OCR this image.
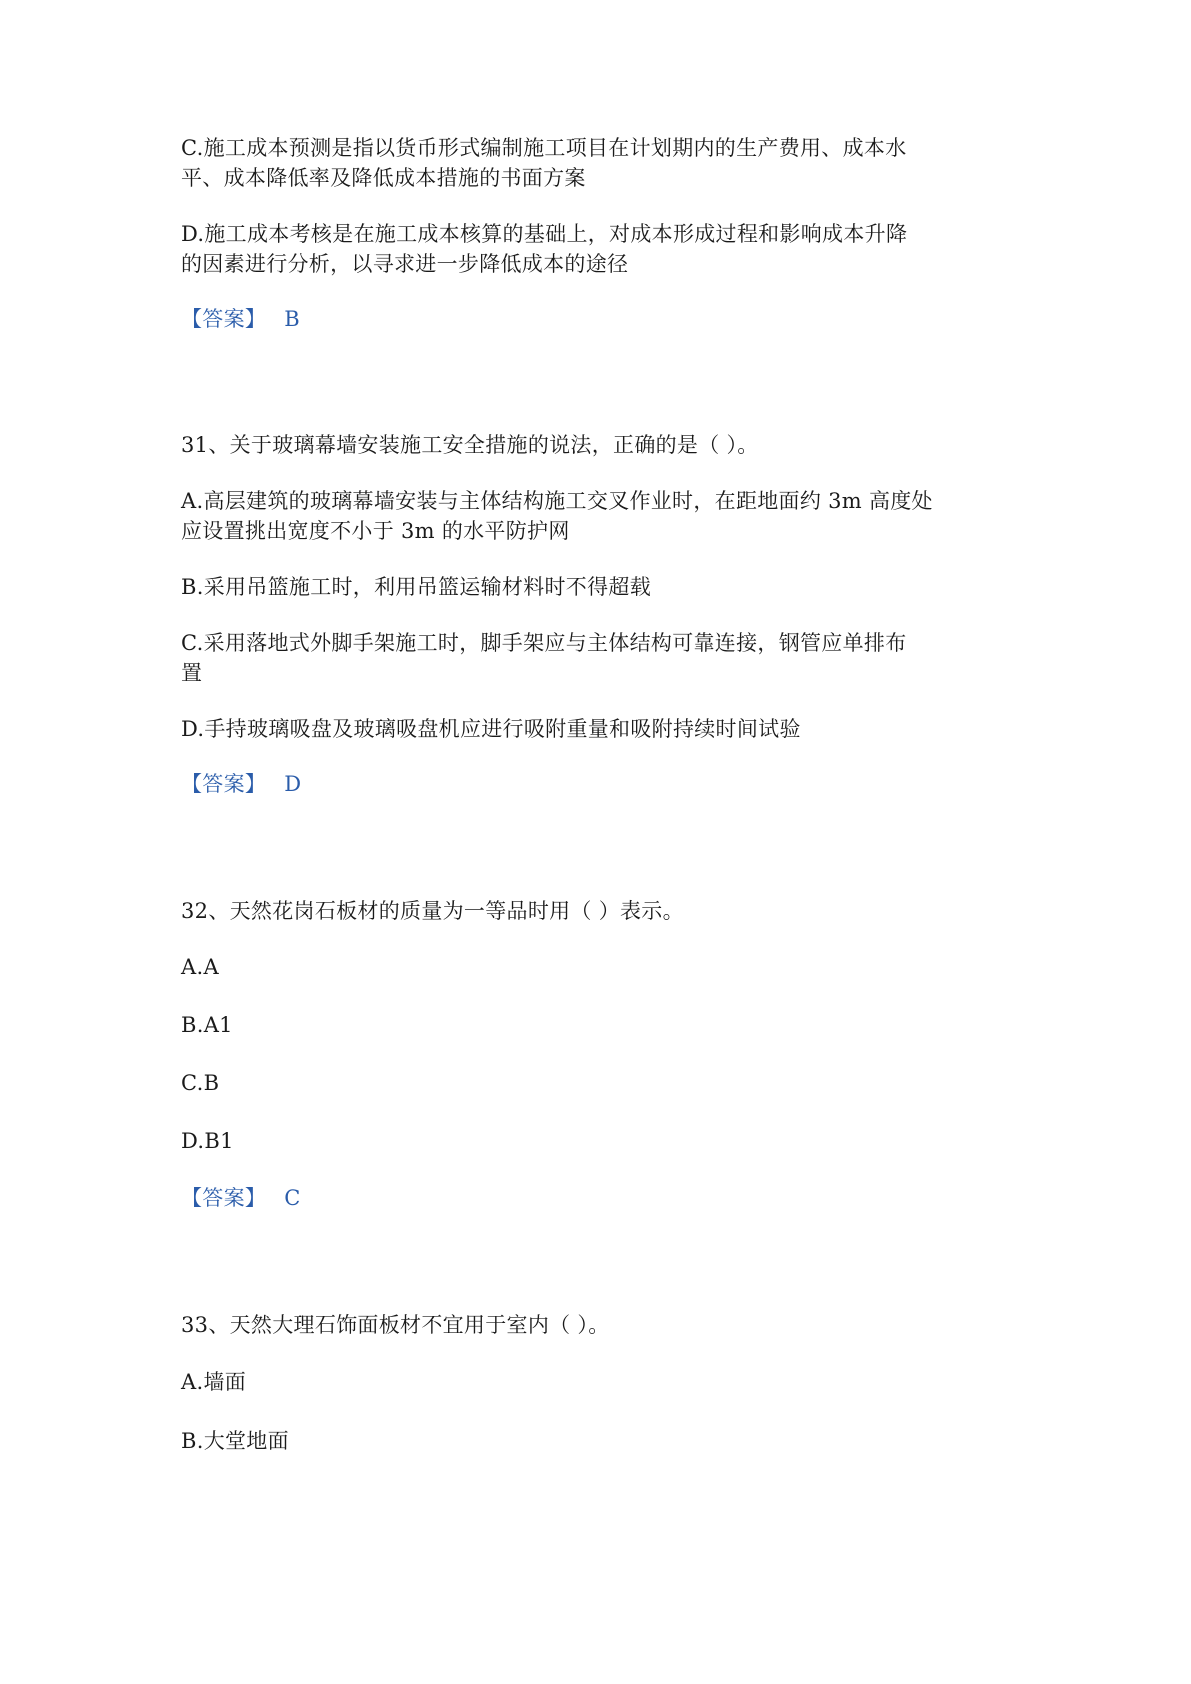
C.施工成本预测是指以货币形式编制施工项目在计划期内的生产费用、成本水
平、成本降低率及降低成本措施的书面方案
D.施工成本考核是在施工成本核算的基础上，对成本形成过程和影响成本升降
的因素进行分析，以寻求进一步降低成本的途径
【答案】 B
31、关于玻璃幕墙安装施工安全措施的说法，正确的是（ ）。
A.高层建筑的玻璃幕墙安装与主体结构施工交叉作业时，在距地面约 3m 高度处
应设置挑出宽度不小于 3m 的水平防护网
B.采用吊篮施工时，利用吊篮运输材料时不得超载
C.采用落地式外脚手架施工时，脚手架应与主体结构可靠连接，钢管应单排布
置
D.手持玻璃吸盘及玻璃吸盘机应进行吸附重量和吸附持续时间试验
【答案】 D
32、天然花岗石板材的质量为一等品时用（ ）表示。
A.A
B.A1
C.B
D.B1
【答案】 C
33、天然大理石饰面板材不宜用于室内（ ）。
A.墙面
B.大堂地面
